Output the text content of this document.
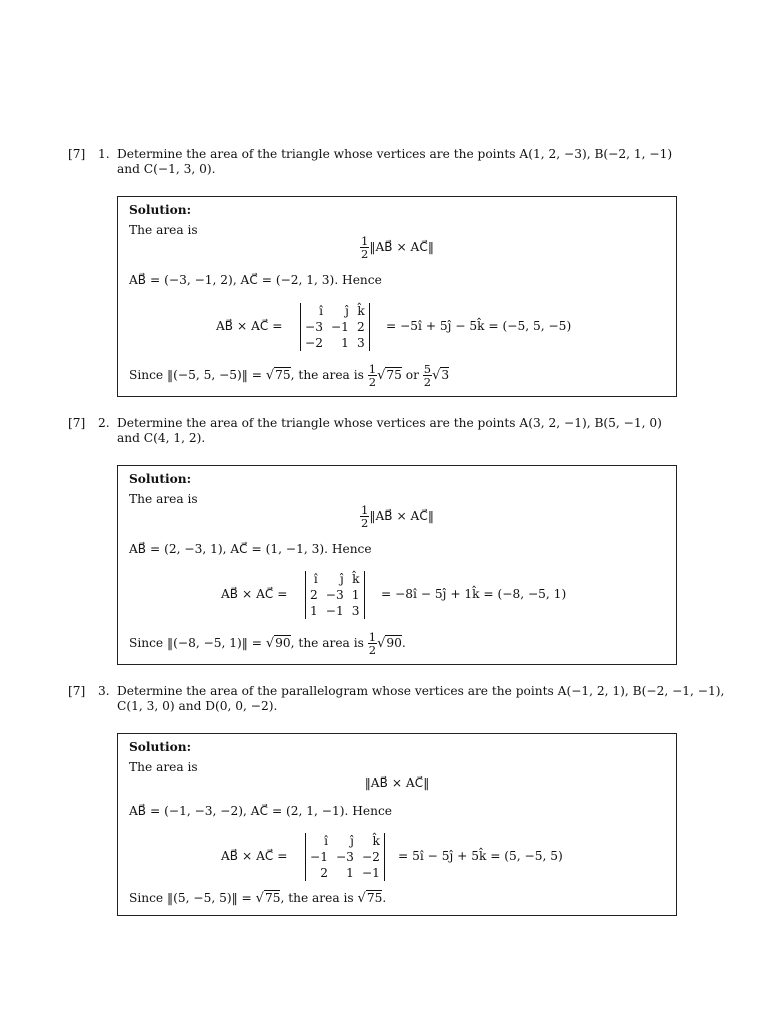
[7] 1. Determine the area of the triangle whose vertices are the points A(1, 2, −3), B(−2, 1, −1)
and C(−1, 3, 0).
Solution:
The area is
$\frac{1}{2}$ ‖AB⃗ × AC⃗‖
AB⃗ = (−3, −1, 2), AC⃗ = (−2, 1, 3). Hence
AB⃗ × AC⃗ =
î	ĵ	k̂
−3	−1	2
−2	1	3
= −5î + 5ĵ − 5k̂ = (−5, 5, −5)
Since ‖(−5, 5, −5)‖ = √75, the area is $\frac{1}{2} √75$ or $\frac{5}{2} √3$
[7] 2. Determine the area of the triangle whose vertices are the points A(3, 2, −1), B(5, −1, 0)
and C(4, 1, 2).
Solution:
The area is
$\frac{1}{2}$ ‖AB⃗ × AC⃗‖
AB⃗ = (2, −3, 1), AC⃗ = (1, −1, 3). Hence
AB⃗ × AC⃗ =
î	ĵ	k̂
2	−3	1
1	−1	3
= −8î − 5ĵ + 1k̂ = (−8, −5, 1)
Since ‖(−8, −5, 1)‖ = √90, the area is $\frac{1}{2} √90$.
[7] 3. Determine the area of the parallelogram whose vertices are the points A(−1, 2, 1), B(−2, −1, −1),
C(1, 3, 0) and D(0, 0, −2).
Solution:
The area is
‖AB⃗ × AC⃗‖
AB⃗ = (−1, −3, −2), AC⃗ = (2, 1, −1). Hence
AB⃗ × AC⃗ =
î	ĵ	k̂
−1	−3	−2
2	1	−1
= 5î − 5ĵ + 5k̂ = (5, −5, 5)
Since ‖(5, −5, 5)‖ = √75, the area is √75.
